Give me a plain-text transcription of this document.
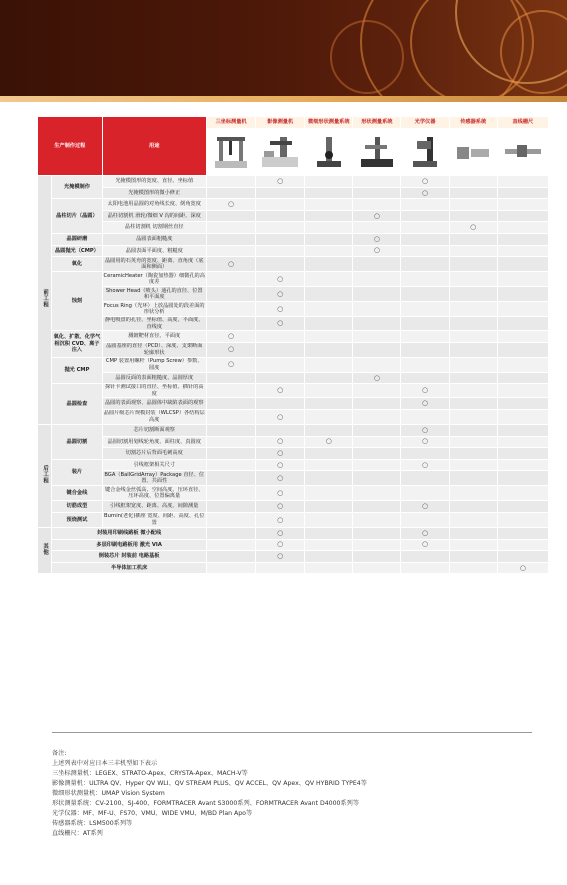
生产制作过程		用途	三坐标测量机	影像测量机	微细形状测量系统	形状测量系统	光学仪器	传感器系统	直线栅尺

前工程	光掩模制作	光掩模图形的宽度、直径、坐标值		○			○		
		光掩模图形的微小修正					○		
	晶柱切片（晶圆）	太阳电池用晶圆的对角线长度、倒角宽度	○						
		晶柱切割机 滑轮/微细 V 沟的间距、深度				○			
		晶柱切割机 切割钢丝直径						○	
	晶圆研磨	晶圆表面粗糙度				○			
	晶圆抛光（CMP）	晶圆表面平面度、粗糙度				○			
	氧化	晶圆用的石英舟的宽度、距离、直角度（底面和侧面）	○						
	蚀刻	CeramicHeater（陶瓷加热器）细微孔的高度差		○					
		Shower Head（喷头）通孔的直径、位置和平面度		○					
		Focus Ring（光环）上放晶圆处的段差面的形状分析		○					
		静电吸盘的孔径、坐标值、高度、平面度、直线度		○					
	氧化、扩散、化学气相沉积 CVD、离子注入	溅镀靶材直径、平面度	○						
		晶圆基座的直径（PCD）、深度、支架断面轮廓形状	○						
	抛光 CMP	CMP 装置用螺杆（Pump Screw）参数、圆度	○						
		晶圆反面的表面粗糙度、晶圆厚度				○			
	晶圆检查	探针卡测试接口的直径、坐标值、插针的高度		○			○		
		晶圆的表面观察、晶圆体中缺陷表面的观察					○		
		晶圆片级芯片规模封装（WLCSP）各结构层高度		○					
后工程	晶圆切割	芯片切割断面观察					○		
		晶圆切割用划线轮角度、面柱度、真圆度		○	○		○		
		切割芯片后背面毛刺高度		○					
	装片	引线框架相关尺寸		○			○		
		BGA（BallGridArray）Package 直径、位置、共面性		○					
	键合金线	键合金线金丝弧高、空间高度、压环直径、压环高度、位置偏离量		○					
	切筋成型	引线框架宽度、距离、高度、间隙测量		○			○		
	预烧测试	Burnin(老化)插座 宽度、间距、高度、孔位置		○					
其他	封装用印刷线路板 微小配线			○			○		
	多层印刷电路板用 激光 VIA			○			○		
	倒装芯片 封装前 电路基板			○					
	半导体加工机床								○
备注:
上述列表中对应日本三丰机型如下表示
三坐标测量机：LEGEX、STRATO-Apex、CRYSTA-Apex、MACH-V等
影像测量机：ULTRA QV、Hyper QV WLI、QV STREAM PLUS、QV ACCEL、QV Apex、QV HYBRID TYPE4等
微细形状测量机：UMAP Vision System
形状测量系统：CV-2100、SJ-400、FORMTRACER Avant S3000系列、FORMTRACER Avant D4000系列等
光学仪器：MF、MF-U、FS70、VMU、WIDE VMU、M/BD Plan Apo等
传感器系统：LSM500系列等
直线栅尺：AT系列
